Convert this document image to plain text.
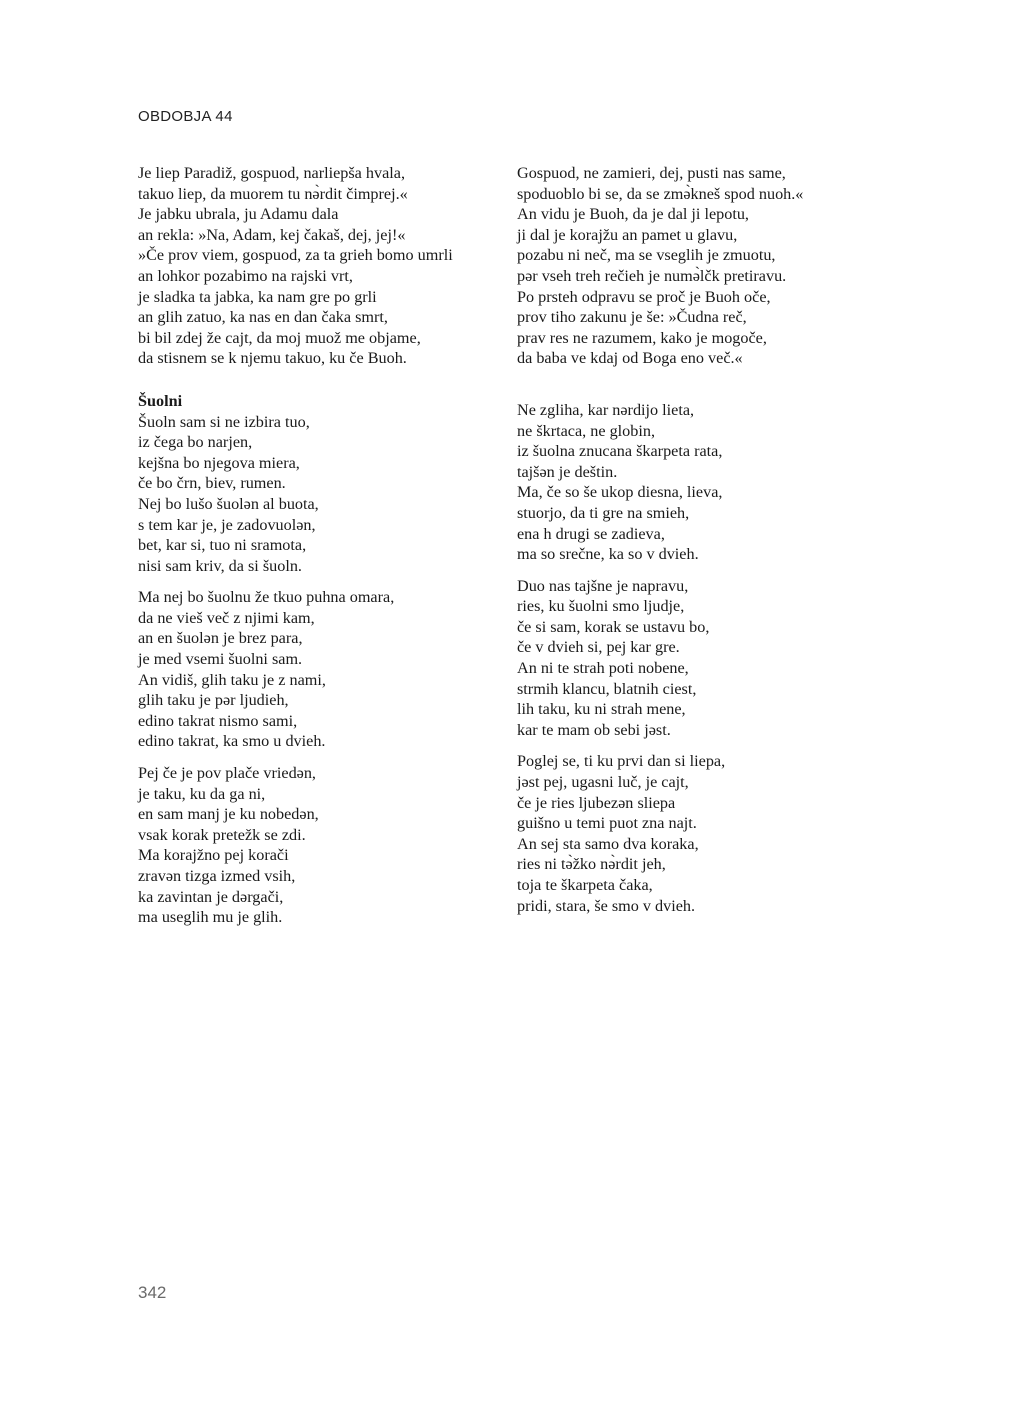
OBDOBJA 44
Je liep Paradiž, gospuod, narliepša hvala,
takuo liep, da muorem tu nə̀rdit čimprej.«
Je jabku ubrala, ju Adamu dala
an rekla: »Na, Adam, kej čakaš, dej, jej!«
»Če prov viem, gospuod, za ta grieh bomo umrli
an lohkor pozabimo na rajski vrt,
je sladka ta jabka, ka nam gre po grli
an glih zatuo, ka nas en dan čaka smrt,
bi bil zdej že cajt, da moj muož me objame,
da stisnem se k njemu takuo, ku če Buoh.
Šuolni
Šuoln sam si ne izbira tuo,
iz čega bo narjen,
kejšna bo njegova miera,
če bo črn, biev, rumen.
Nej bo lušo šuolən al buota,
s tem kar je, je zadovuolən,
bet, kar si, tuo ni sramota,
nisi sam kriv, da si šuoln.
Ma nej bo šuolnu že tkuo puhna omara,
da ne vieš več z njimi kam,
an en šuolən je brez para,
je med vsemi šuolni sam.
An vidiš, glih taku je z nami,
glih taku je pər ljudieh,
edino takrat nismo sami,
edino takrat, ka smo u dvieh.
Pej če je pov plače vriedən,
je taku, ku da ga ni,
en sam manj je ku nobedən,
vsak korak pretežk se zdi.
Ma korajžno pej korači
zravən tizga izmed vsih,
ka zavintan je dərgači,
ma useglih mu je glih.
Gospuod, ne zamieri, dej, pusti nas same,
spoduoblo bi se, da se zmə̀kneš spod nuoh.«
An vidu je Buoh, da je dal ji lepotu,
ji dal je korajžu an pamet u glavu,
pozabu ni neč, ma se vseglih je zmuotu,
pər vseh treh rečieh je numə̀lčk pretiravu.
Po prsteh odpravu se proč je Buoh oče,
prov tiho zakunu je še: »Čudna reč,
prav res ne razumem, kako je mogoče,
da baba ve kdaj od Boga eno več.«
Ne zgliha, kar nərdijo lieta,
ne škrtaca, ne globin,
iz šuolna znucana škarpeta rata,
tajšən je deštin.
Ma, če so še ukop diesna, lieva,
stuorjo, da ti gre na smieh,
ena h drugi se zadieva,
ma so srečne, ka so v dvieh.
Duo nas tajšne je napravu,
ries, ku šuolni smo ljudje,
če si sam, korak se ustavu bo,
če v dvieh si, pej kar gre.
An ni te strah poti nobene,
strmih klancu, blatnih ciest,
lih taku, ku ni strah mene,
kar te mam ob sebi jəst.
Poglej se, ti ku prvi dan si liepa,
jəst pej, ugasni luč, je cajt,
če je ries ljubezən sliepa
guišno u temi puot zna najt.
An sej sta samo dva koraka,
ries ni tə̀žko nə̀rdit jeh,
toja te škarpeta čaka,
pridi, stara, še smo v dvieh.
342
